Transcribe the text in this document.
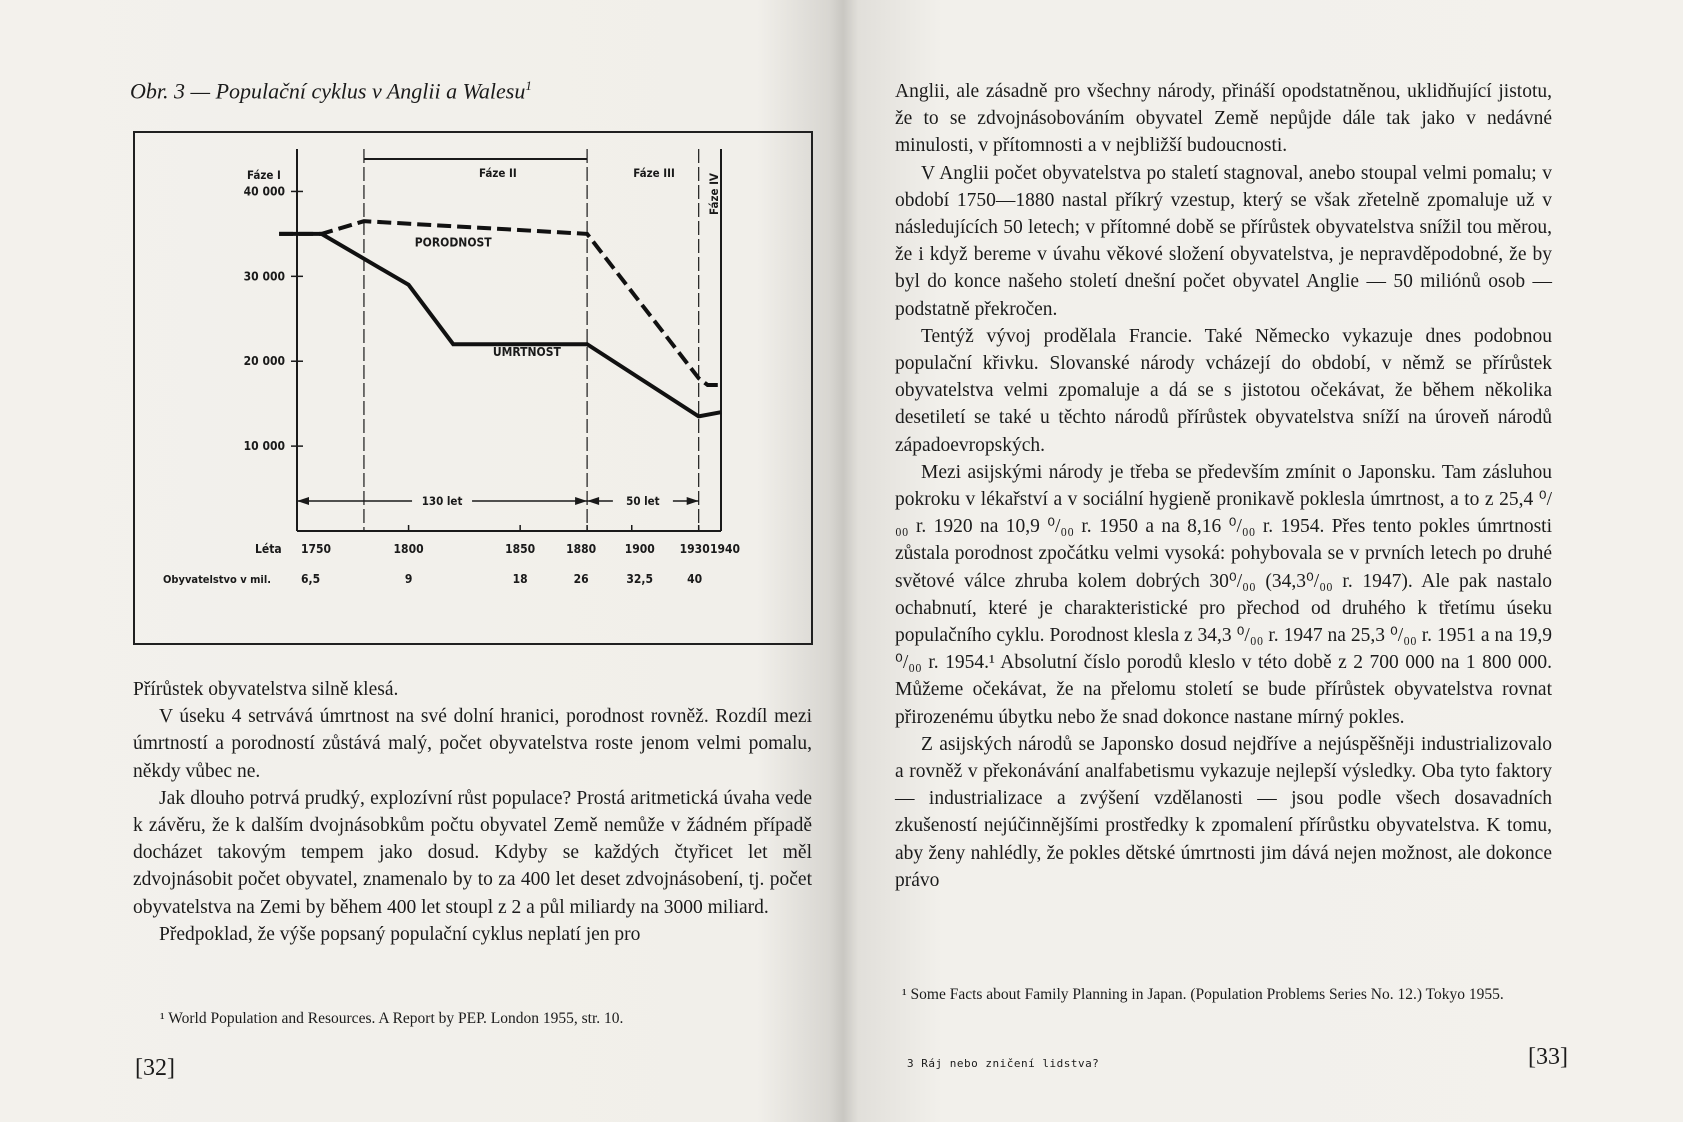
Obr. 3 — Populační cyklus v Anglii a Walesu$^1$
10 000
20 000
30 000
40 000
Fáze I	Fáze II	Fáze III
Fáze IV
PORODNOST
ÚMRTNOST
130 let	50 let
Léta 1750	1800	1850	1880 1900 1930 1940
Obyvatelstvo v mil.	6,5	9	18	26	32,5	40

Přírůstek obyvatelstva silně klesá.

V úseku 4 setrvává úmrtnost na své dolní hranici, porodnost rovněž. Rozdíl mezi úmrtností a porodností zůstává malý, počet obyvatelstva roste jenom velmi pomalu, někdy vůbec ne.

Jak dlouho potrvá prudký, explozívní růst populace? Prostá aritmetická úvaha vede k závěru, že k dalším dvojnásobkům počtu obyvatel Země nemůže v žádném případě docházet takovým tempem jako dosud. Kdyby se každých čtyřicet let měl zdvojnásobit počet obyvatel, znamenalo by to za 400 let deset zdvojnásobení, tj. počet obyvatelstva na Zemi by během 400 let stoupl z 2 a půl miliardy na 3000 miliard.

Předpoklad, že výše popsaný populační cyklus neplatí jen pro

¹ World Population and Resources. A Report by PEP. London 1955, str. 10.

[32]

Anglii, ale zásadně pro všechny národy, přináší opodstatněnou, uklidňující jistotu, že to se zdvojnásobováním obyvatel Země nepůjde dále tak jako v nedávné minulosti, v přítomnosti a v nejbližší budoucnosti.

V Anglii počet obyvatelstva po staletí stagnoval, anebo stoupal velmi pomalu; v období 1750—1880 nastal příkrý vzestup, který se však zřetelně zpomaluje už v následujících 50 letech; v přítomné době se přírůstek obyvatelstva snížil tou měrou, že i když bereme v úvahu věkové složení obyvatelstva, je nepravděpodobné, že by byl do konce našeho století dnešní počet obyvatel Anglie — 50 miliónů osob — podstatně překročen.

Tentýž vývoj prodělala Francie. Také Německo vykazuje dnes podobnou populační křivku. Slovanské národy vcházejí do období, v němž se přírůstek obyvatelstva velmi zpomaluje a dá se s jistotou očekávat, že během několika desetiletí se také u těchto národů přírůstek obyvatelstva sníží na úroveň národů západoevropských.

Mezi asijskými národy je třeba se především zmínit o Japonsku. Tam zásluhou pokroku v lékařství a v sociální hygieně pronikavě poklesla úmrtnost, a to z 25,4 ⁰/₀₀ r. 1920 na 10,9 ⁰/₀₀ r. 1950 a na 8,16 ⁰/₀₀ r. 1954. Přes tento pokles úmrtnosti zůstala porodnost zpočátku velmi vysoká: pohybovala se v prvních letech po druhé světové válce zhruba kolem dobrých 30⁰/₀₀ (34,3⁰/₀₀ r. 1947). Ale pak nastalo ochabnutí, které je charakteristické pro přechod od druhého k třetímu úseku populačního cyklu. Porodnost klesla z 34,3 ⁰/₀₀ r. 1947 na 25,3 ⁰/₀₀ r. 1951 a na 19,9 ⁰/₀₀ r. 1954.¹ Absolutní číslo porodů kleslo v této době z 2 700 000 na 1 800 000. Můžeme očekávat, že na přelomu století se bude přírůstek obyvatelstva rovnat přirozenému úbytku nebo že snad dokonce nastane mírný pokles.

Z asijských národů se Japonsko dosud nejdříve a nejúspěšněji industrializovalo a rovněž v překonávání analfabetismu vykazuje nejlepší výsledky. Oba tyto faktory — industrializace a zvýšení vzdělanosti — jsou podle všech dosavadních zkušeností nejúčinnějšími prostředky k zpomalení přírůstku obyvatelstva. K tomu, aby ženy nahlédly, že pokles dětské úmrtnosti jim dává nejen možnost, ale dokonce právo

¹ Some Facts about Family Planning in Japan. (Population Problems Series No. 12.) Tokyo 1955.

3 Ráj nebo zničení lidstva?	[33]
